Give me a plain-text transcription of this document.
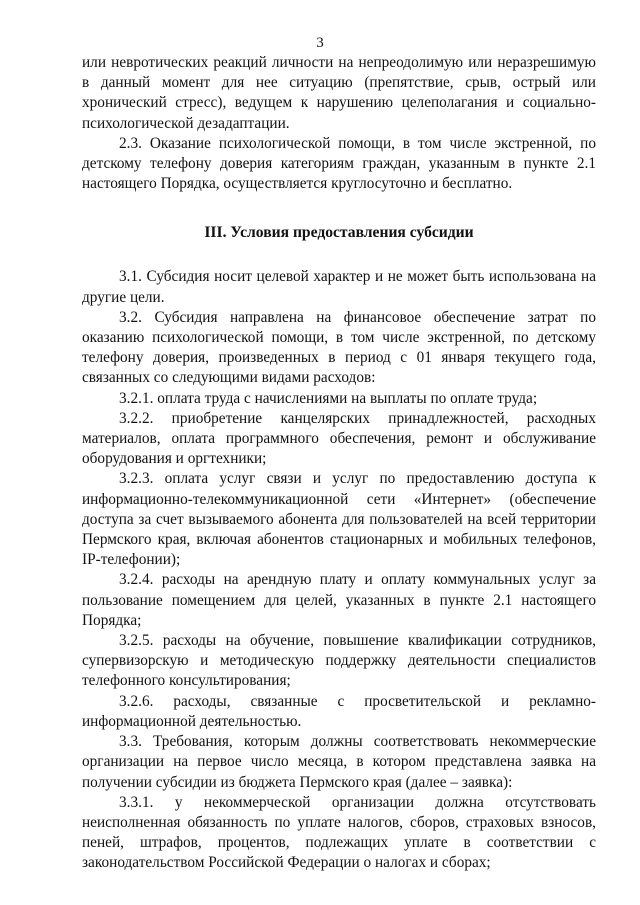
3

или невротических реакций личности на непреодолимую или неразрешимую в данный момент для нее ситуацию (препятствие, срыв, острый или хронический стресс), ведущем к нарушению целеполагания и социально-психологической дезадаптации.

2.3. Оказание психологической помощи, в том числе экстренной, по детскому телефону доверия категориям граждан, указанным в пункте 2.1 настоящего Порядка, осуществляется круглосуточно и бесплатно.

III. Условия предоставления субсидии

3.1. Субсидия носит целевой характер и не может быть использована на другие цели.

3.2. Субсидия направлена на финансовое обеспечение затрат по оказанию психологической помощи, в том числе экстренной, по детскому телефону доверия, произведенных в период с 01 января текущего года, связанных со следующими видами расходов:

3.2.1. оплата труда с начислениями на выплаты по оплате труда;

3.2.2. приобретение канцелярских принадлежностей, расходных материалов, оплата программного обеспечения, ремонт и обслуживание оборудования и оргтехники;

3.2.3. оплата услуг связи и услуг по предоставлению доступа к информационно-телекоммуникационной сети «Интернет» (обеспечение доступа за счет вызываемого абонента для пользователей на всей территории Пермского края, включая абонентов стационарных и мобильных телефонов, IP-телефонии);

3.2.4. расходы на арендную плату и оплату коммунальных услуг за пользование помещением для целей, указанных в пункте 2.1 настоящего Порядка;

3.2.5. расходы на обучение, повышение квалификации сотрудников, супервизорскую и методическую поддержку деятельности специалистов телефонного консультирования;

3.2.6. расходы, связанные с просветительской и рекламно-информационной деятельностью.

3.3. Требования, которым должны соответствовать некоммерческие организации на первое число месяца, в котором представлена заявка на получении субсидии из бюджета Пермского края (далее – заявка):

3.3.1. у некоммерческой организации должна отсутствовать неисполненная обязанность по уплате налогов, сборов, страховых взносов, пеней, штрафов, процентов, подлежащих уплате в соответствии с законодательством Российской Федерации о налогах и сборах;
